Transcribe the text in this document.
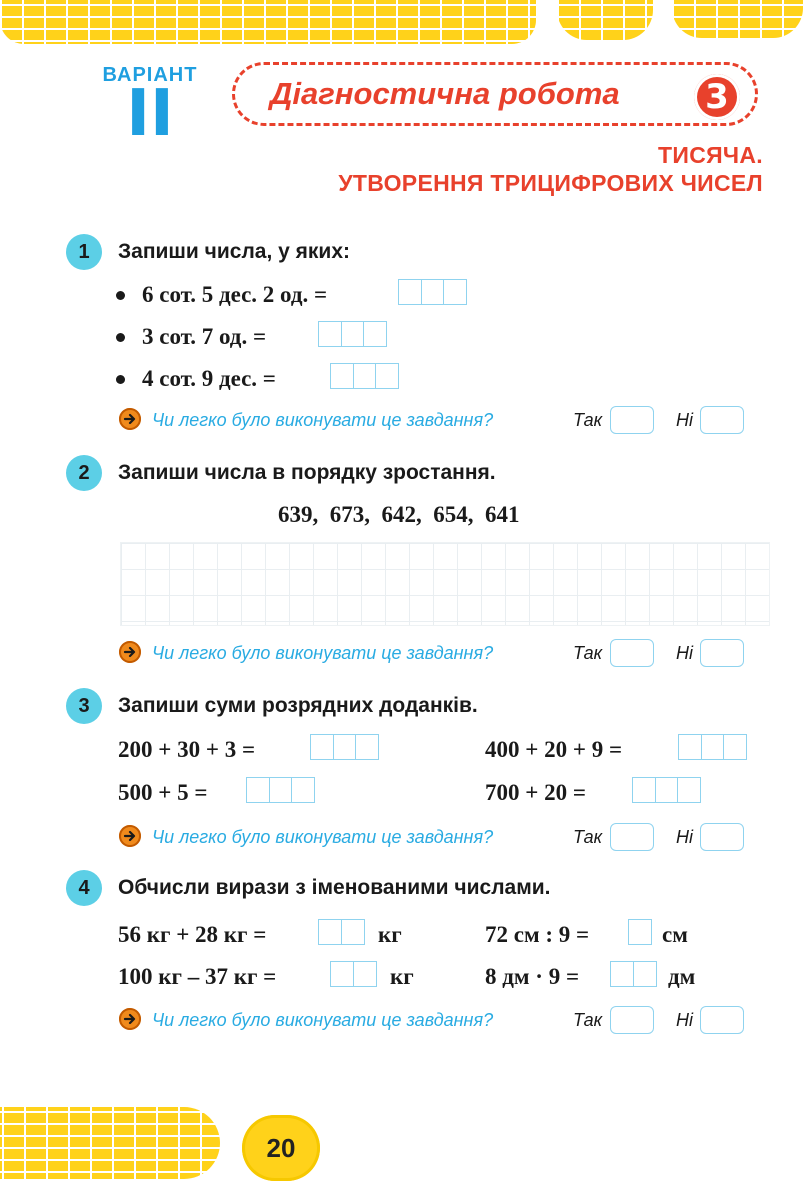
20
ВАРІАНТ
II	Діагностична робота	3
ТИСЯЧА.
УТВОРЕННЯ ТРИЦИФРОВИХ ЧИСЕЛ
1	Запиши числа, у яких:
6 сот. 5 дес. 2 од. =
3 сот. 7 од. =
4 сот. 9 дес. =
Чи легко було виконувати це завдання?	Так	Ні
2	Запиши числа в порядку зростання.
639,  673,  642,  654,  641
Чи легко було виконувати це завдання?	Так	Ні
3	Запиши суми розрядних доданків.
200 + 30 + 3 =	400 + 20 + 9 =
500 + 5 =	700 + 20 =
Чи легко було виконувати це завдання?	Так	Ні
4	Обчисли вирази з іменованими числами.
56 кг + 28 кг =	кг	72 см : 9 =	см
100 кг – 37 кг =	кг	8 дм · 9 =	дм
Чи легко було виконувати це завдання?	Так	Ні
